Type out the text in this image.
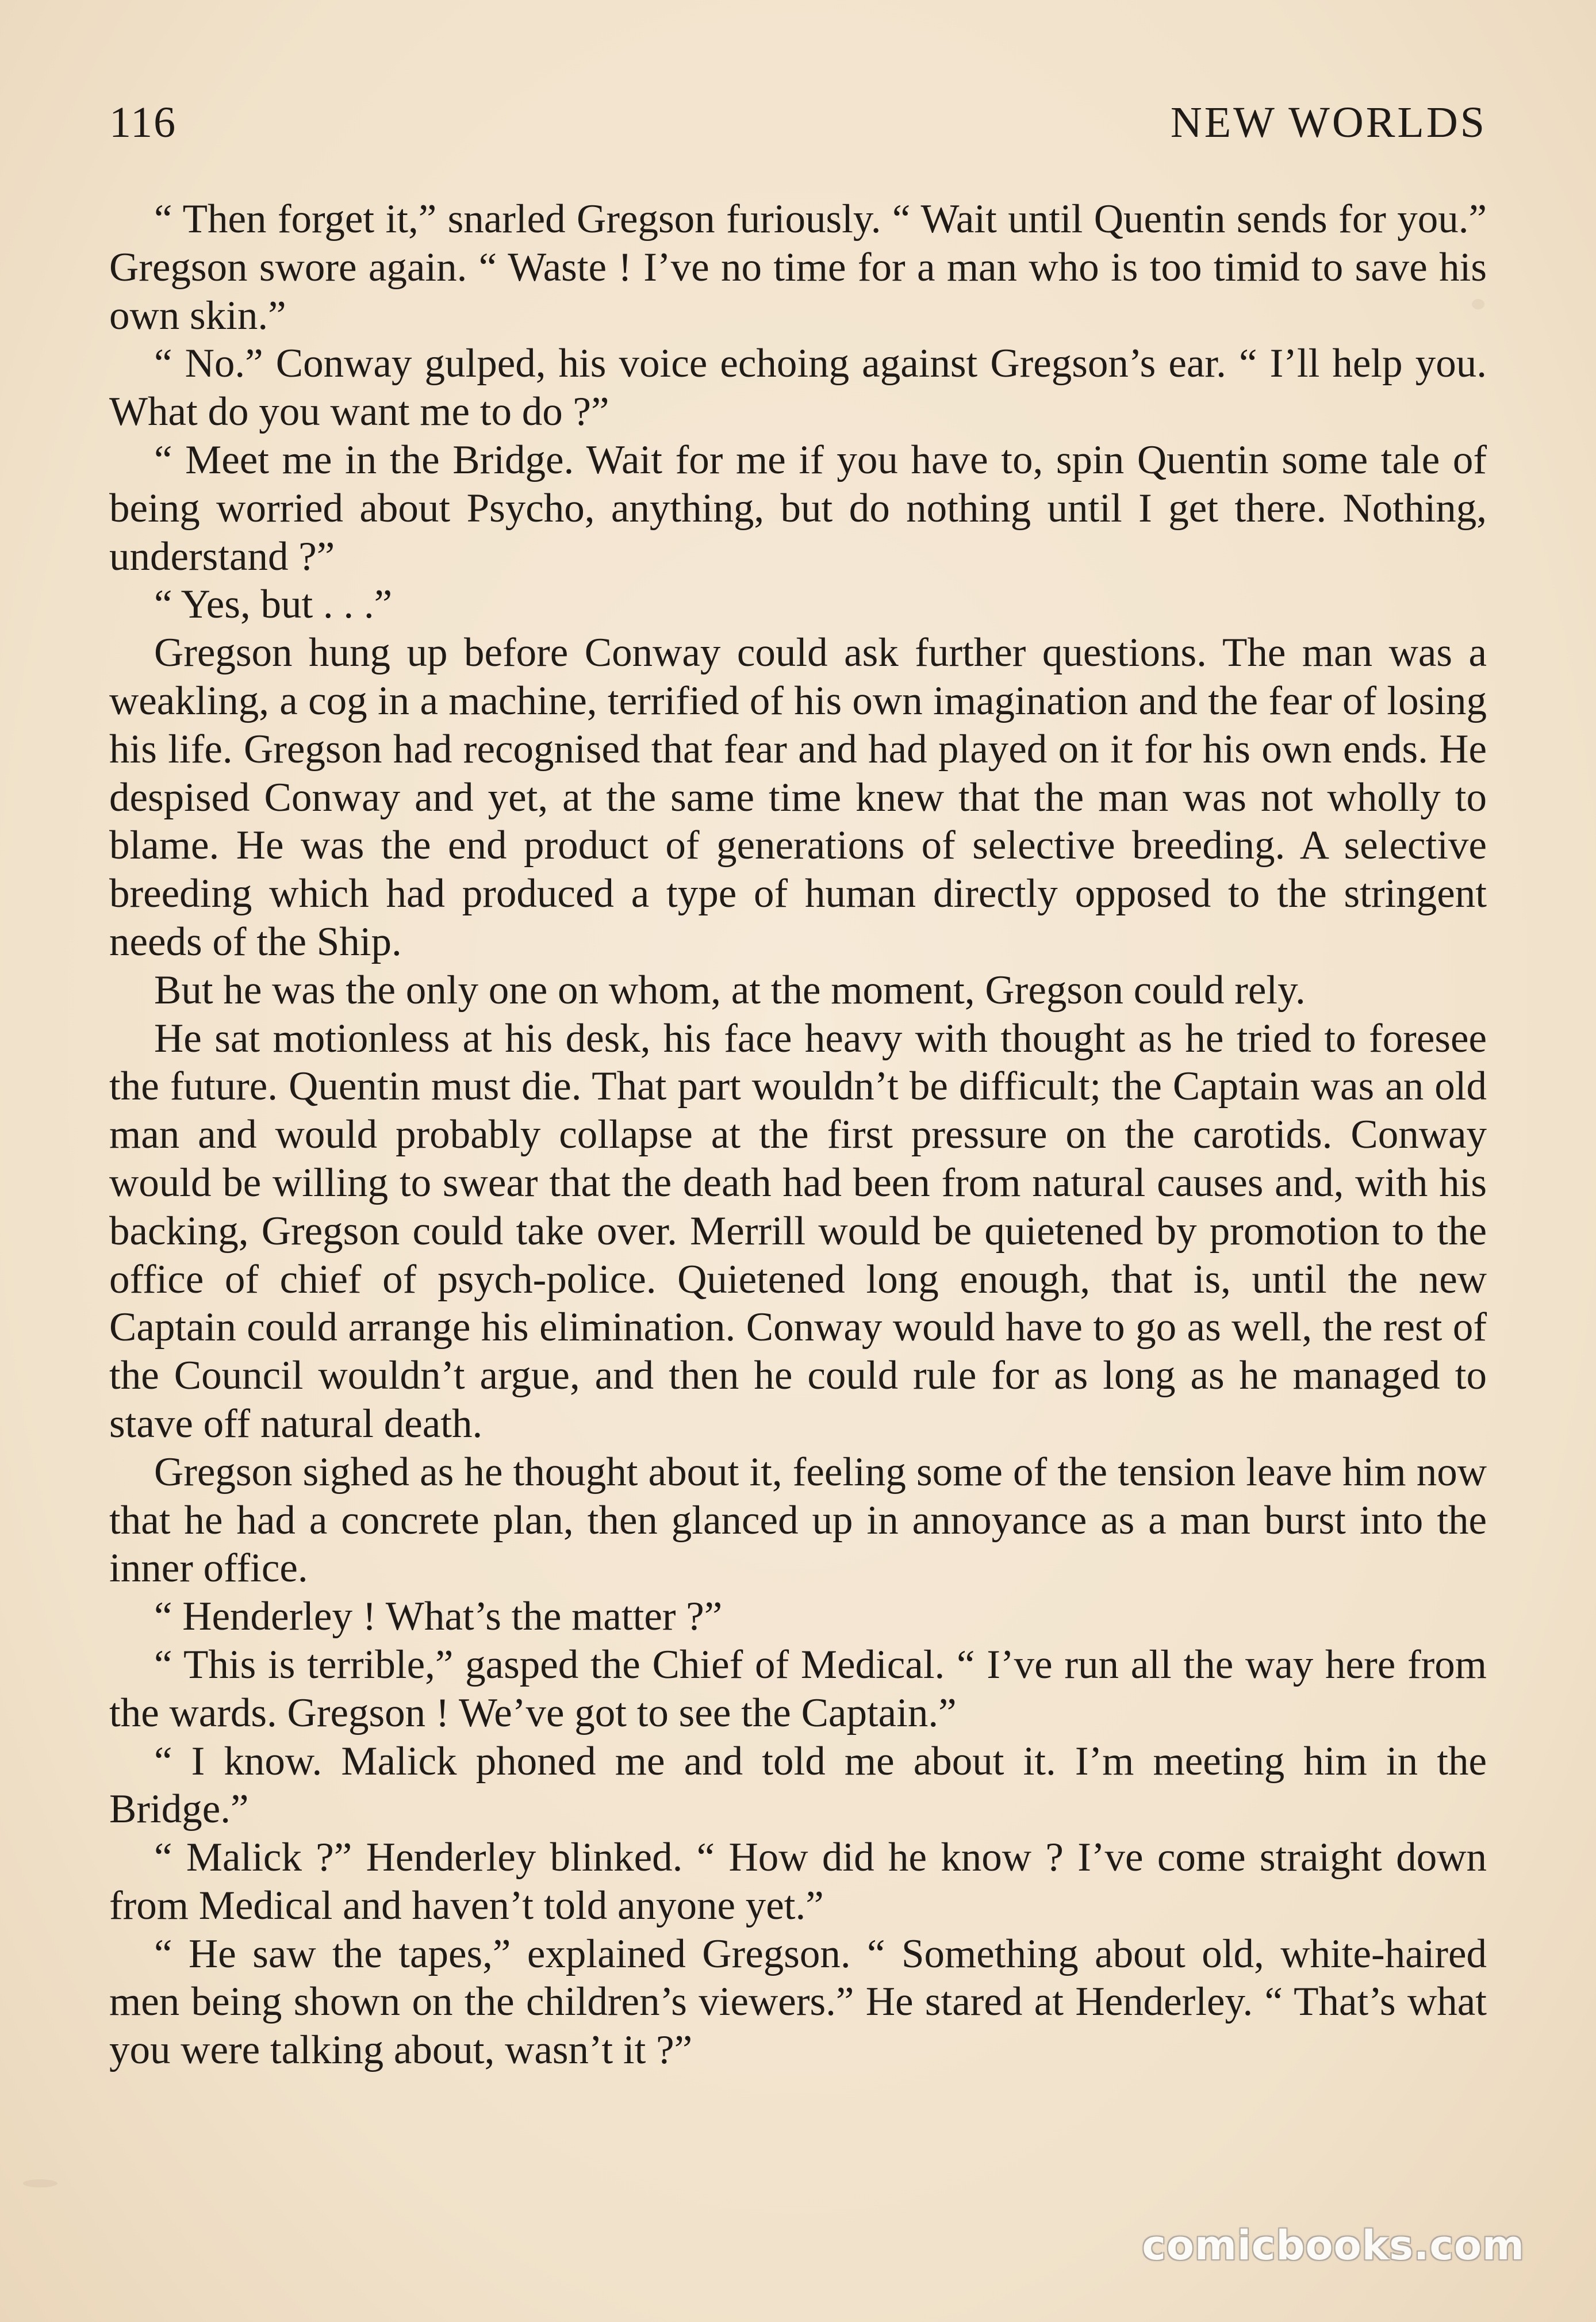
116	NEW WORLDS

“ Then forget it,” snarled Gregson furiously. “ Wait until Quentin sends for you.” Gregson swore again. “ Waste ! I’ve no time for a man who is too timid to save his own skin.”

“ No.” Conway gulped, his voice echoing against Gregson’s ear. “ I’ll help you. What do you want me to do ?”

“ Meet me in the Bridge. Wait for me if you have to, spin Quentin some tale of being worried about Psycho, anything, but do nothing until I get there. Nothing, understand ?”

“ Yes, but . . .”

Gregson hung up before Conway could ask further questions. The man was a weakling, a cog in a machine, terrified of his own imagination and the fear of losing his life. Gregson had recognised that fear and had played on it for his own ends. He despised Conway and yet, at the same time knew that the man was not wholly to blame. He was the end product of generations of selective breeding. A selective breeding which had produced a type of human directly opposed to the stringent needs of the Ship.

But he was the only one on whom, at the moment, Gregson could rely.

He sat motionless at his desk, his face heavy with thought as he tried to foresee the future. Quentin must die. That part wouldn’t be difficult; the Captain was an old man and would probably collapse at the first pressure on the carotids. Conway would be willing to swear that the death had been from natural causes and, with his backing, Gregson could take over. Merrill would be quietened by promotion to the office of chief of psych-police. Quietened long enough, that is, until the new Captain could arrange his elimination. Conway would have to go as well, the rest of the Council wouldn’t argue, and then he could rule for as long as he managed to stave off natural death.

Gregson sighed as he thought about it, feeling some of the tension leave him now that he had a concrete plan, then glanced up in annoyance as a man burst into the inner office.

“ Henderley ! What’s the matter ?”

“ This is terrible,” gasped the Chief of Medical. “ I’ve run all the way here from the wards. Gregson ! We’ve got to see the Captain.”

“ I know. Malick phoned me and told me about it. I’m meeting him in the Bridge.”

“ Malick ?” Henderley blinked. “ How did he know ? I’ve come straight down from Medical and haven’t told anyone yet.”

“ He saw the tapes,” explained Gregson. “ Something about old, white-haired men being shown on the children’s viewers.” He stared at Henderley. “ That’s what you were talking about, wasn’t it ?”

comicbooks.com
